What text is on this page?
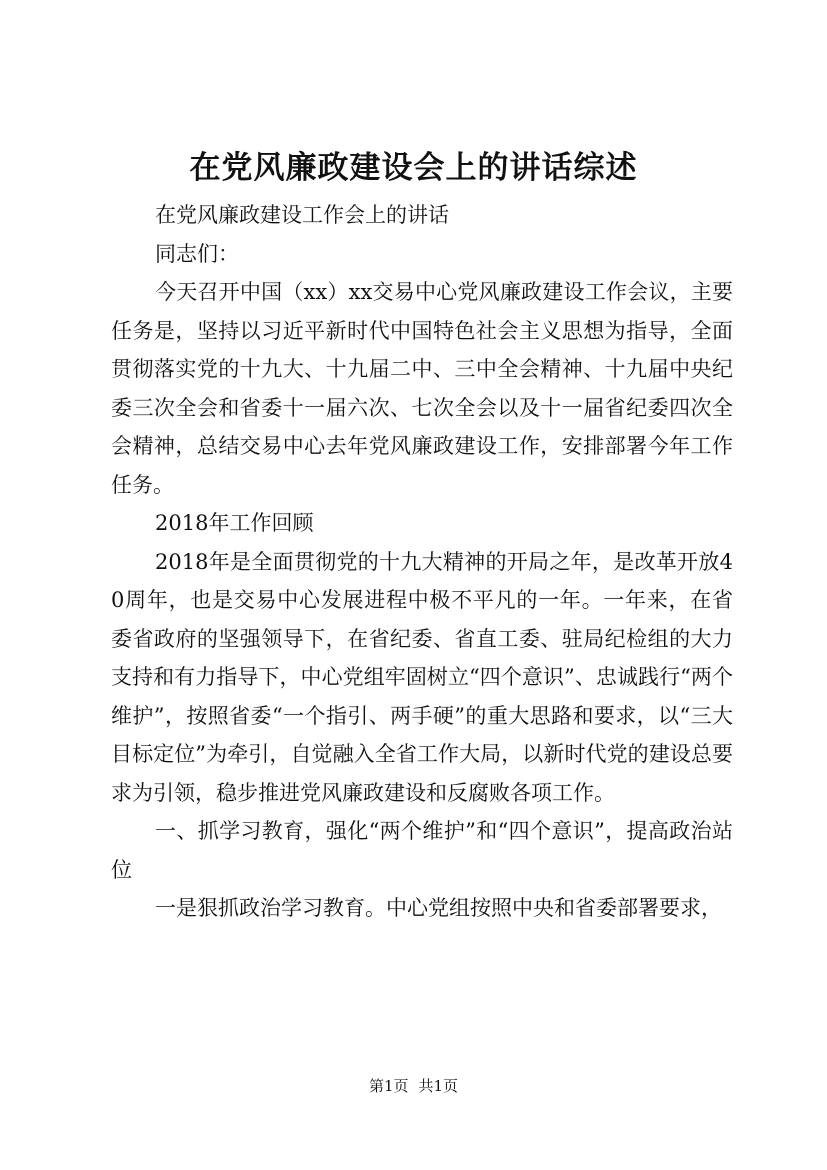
在党风廉政建设会上的讲话综述

在党风廉政建设工作会上的讲话

同志们：

今天召开中国（xx）xx交易中心党风廉政建设工作会议，主要任务是，坚持以习近平新时代中国特色社会主义思想为指导，全面贯彻落实党的十九大、十九届二中、三中全会精神、十九届中央纪委三次全会和省委十一届六次、七次全会以及十一届省纪委四次全会精神，总结交易中心去年党风廉政建设工作，安排部署今年工作任务。

2018年工作回顾

2018年是全面贯彻党的十九大精神的开局之年，是改革开放40周年，也是交易中心发展进程中极不平凡的一年。一年来，在省委省政府的坚强领导下，在省纪委、省直工委、驻局纪检组的大力支持和有力指导下，中心党组牢固树立“四个意识”、忠诚践行“两个维护”，按照省委“一个指引、两手硬”的重大思路和要求，以“三大目标定位”为牵引，自觉融入全省工作大局，以新时代党的建设总要求为引领，稳步推进党风廉政建设和反腐败各项工作。

一、抓学习教育，强化“两个维护”和“四个意识”，提高政治站位

一是狠抓政治学习教育。中心党组按照中央和省委部署要求，

第1页 共1页
